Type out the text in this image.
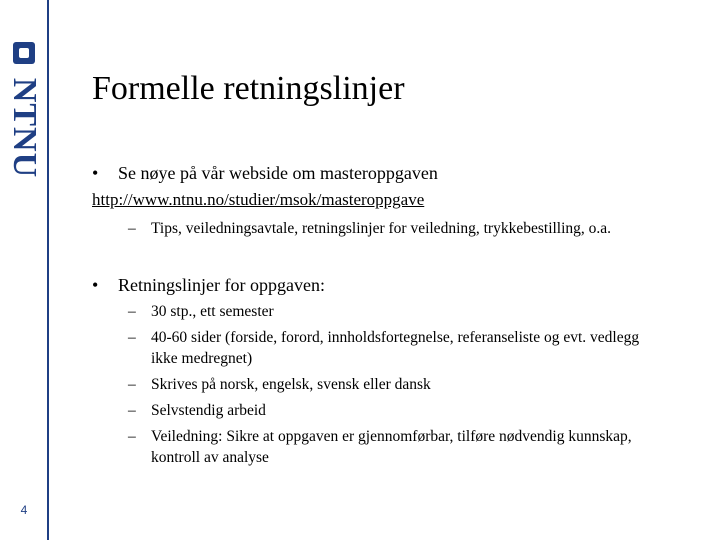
NTNU Formelle retningslinjer
•	Se nøye på vår webside om masteroppgaven
http://www.ntnu.no/studier/msok/masteroppgave
– Tips, veiledningsavtale, retningslinjer for veiledning, trykkebestilling, o.a.
•	Retningslinjer for oppgaven:
– 30 stp., ett semester
– 40-60 sider (forside, forord, innholdsfortegnelse, referanseliste og evt. vedlegg ikke medregnet)
– Skrives på norsk, engelsk, svensk eller dansk
– Selvstendig arbeid
– Veiledning: Sikre at oppgaven er gjennomførbar, tilføre nødvendig kunnskap, kontroll av analyse
4
